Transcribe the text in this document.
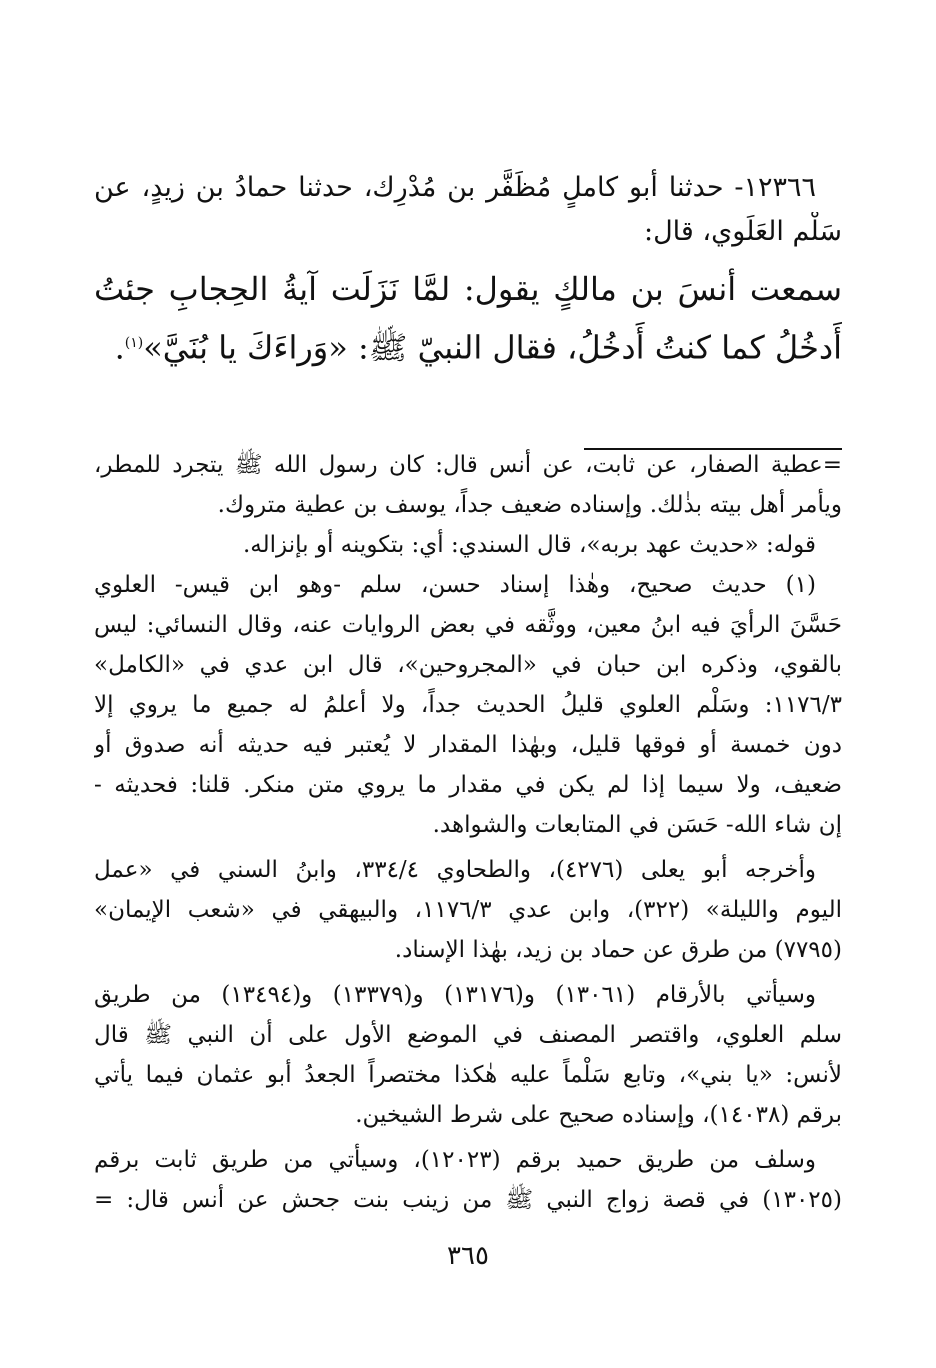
١٢٣٦٦- حدثنا أبو كاملٍ مُظَفَّر بن مُدْرِك، حدثنا حمادُ بن زيدٍ، عن
سَلْم العَلَوي، قال:
سمعت أنسَ بن مالكٍ يقول: لمَّا نَزَلَت آيةُ الحِجابِ جئتُ
أَدخُلُ كما كنتُ أَدخُلُ، فقال النبيّ ﷺ: «وَراءَكَ يا بُنَيَّ»$^{(١)}$.
=عطية الصفار، عن ثابت، عن أنس قال: كان رسول الله ﷺ يتجرد للمطر،
ويأمر أهل بيته بذٰلك. وإسناده ضعيف جداً، يوسف بن عطية متروك.
قوله: «حديث عهد بربه»، قال السندي: أي: بتكوينه أو بإنزاله.
(١) حديث صحيح، وهٰذا إسناد حسن، سلم -وهو ابن قيس- العلوي
حَسَّنَ الرأيَ فيه ابنُ معين، ووثَّقه في بعض الروايات عنه، وقال النسائي: ليس
بالقوي، وذكره ابن حبان في «المجروحين»، قال ابن عدي في «الكامل»
١١٧٦/٣: وسَلْم العلوي قليلُ الحديث جداً، ولا أعلمُ له جميع ما يروي إلا
دون خمسة أو فوقها قليل، وبهٰذا المقدار لا يُعتبر فيه حديثه أنه صدوق أو
ضعيف، ولا سيما إذا لم يكن في مقدار ما يروي متن منكر. قلنا: فحديثه -
إن شاء الله- حَسَن في المتابعات والشواهد.
وأخرجه أبو يعلى (٤٢٧٦)، والطحاوي ٣٣٤/٤، وابنُ السني في «عمل
اليوم والليلة» (٣٢٢)، وابن عدي ١١٧٦/٣، والبيهقي في «شعب الإيمان»
(٧٧٩٥) من طرق عن حماد بن زيد، بهٰذا الإسناد.
وسيأتي بالأرقام (١٣٠٦١) و(١٣١٧٦) و(١٣٣٧٩) و(١٣٤٩٤) من طريق
سلم العلوي، واقتصر المصنف في الموضع الأول على أن النبي ﷺ قال
لأنس: «يا بني»، وتابع سَلْماً عليه هٰكذا مختصراً الجعدُ أبو عثمان فيما يأتي
برقم (١٤٠٣٨)، وإسناده صحيح على شرط الشيخين.
وسلف من طريق حميد برقم (١٢٠٢٣)، وسيأتي من طريق ثابت برقم
(١٣٠٢٥) في قصة زواج النبي ﷺ من زينب بنت جحش عن أنس قال: =
٣٦٥
